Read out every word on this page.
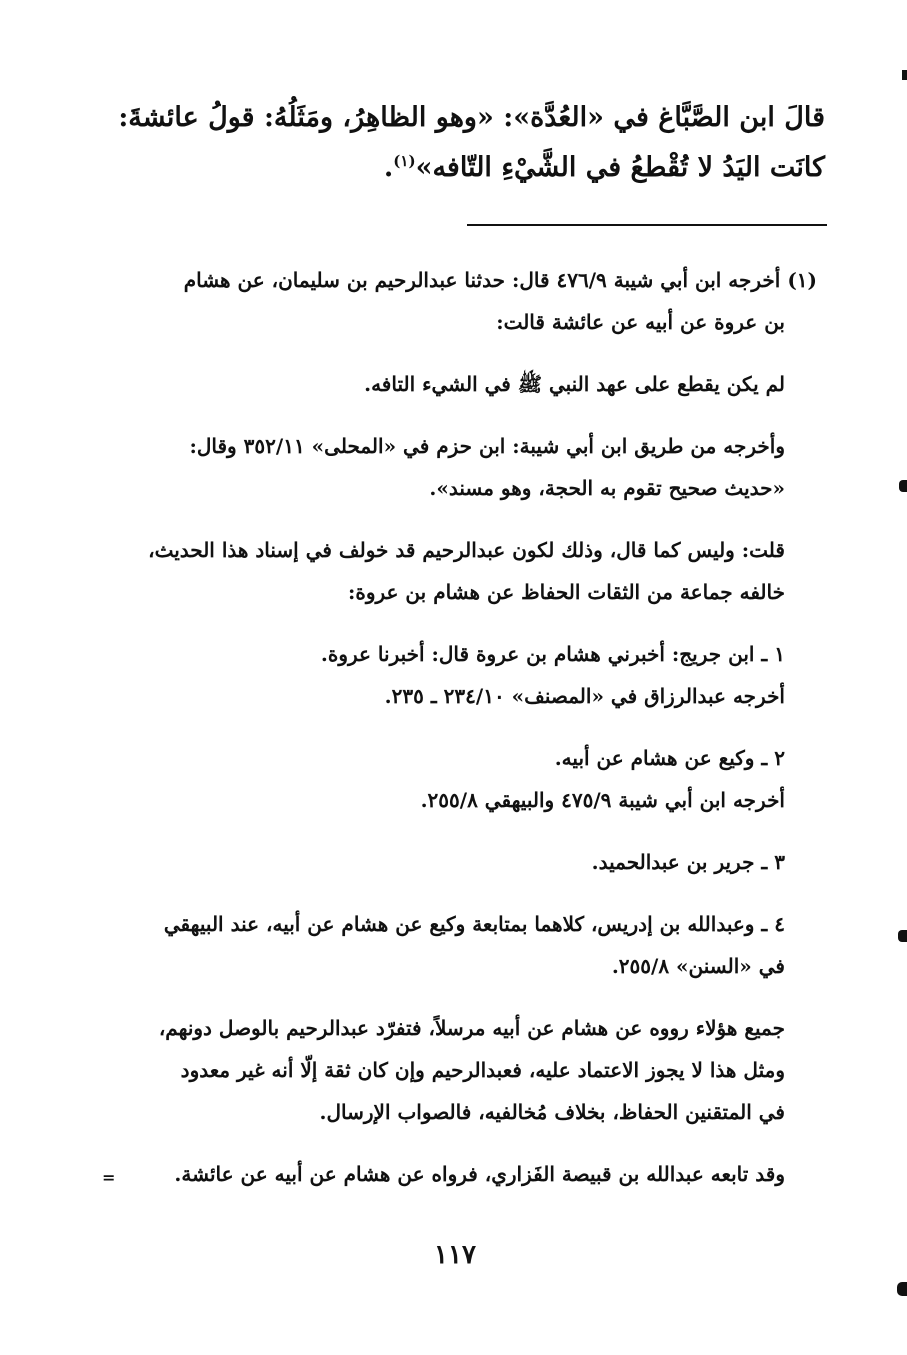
قالَ ابن الصَّبَّاغ في «العُدَّة»: «وهو الظاهِرُ، ومَثَلُهُ: قولُ عائشةَ:
كانَت اليَدُ لا تُقْطعُ في الشَّيْءِ التّافه»$^{(١)}$.
(١) أخرجه ابن أبي شيبة ٤٧٦/٩ قال: حدثنا عبدالرحيم بن سليمان، عن هشام
بن عروة عن أبيه عن عائشة قالت:
لم يكن يقطع على عهد النبي ﷺ في الشيء التافه.
وأخرجه من طريق ابن أبي شيبة: ابن حزم في «المحلى» ٣٥٢/١١ وقال:
«حديث صحيح تقوم به الحجة، وهو مسند».
قلت: وليس كما قال، وذلك لكون عبدالرحيم قد خولف في إسناد هذا الحديث،
خالفه جماعة من الثقات الحفاظ عن هشام بن عروة:
١ ـ ابن جريج: أخبرني هشام بن عروة قال: أخبرنا عروة.
أخرجه عبدالرزاق في «المصنف» ٢٣٤/١٠ ـ ٢٣٥.
٢ ـ وكيع عن هشام عن أبيه.
أخرجه ابن أبي شيبة ٤٧٥/٩ والبيهقي ٢٥٥/٨.
٣ ـ جرير بن عبدالحميد.
٤ ـ وعبدالله بن إدريس، كلاهما بمتابعة وكيع عن هشام عن أبيه، عند البيهقي
في «السنن» ٢٥٥/٨.
جميع هؤلاء رووه عن هشام عن أبيه مرسلاً، فتفرّد عبدالرحيم بالوصل دونهم،
ومثل هذا لا يجوز الاعتماد عليه، فعبدالرحيم وإن كان ثقة إلّا أنه غير معدود
في المتقنين الحفاظ، بخلاف مُخالفيه، فالصواب الإرسال.
وقد تابعه عبدالله بن قبيصة الفَزاري، فرواه عن هشام عن أبيه عن عائشة.
=
١١٧
